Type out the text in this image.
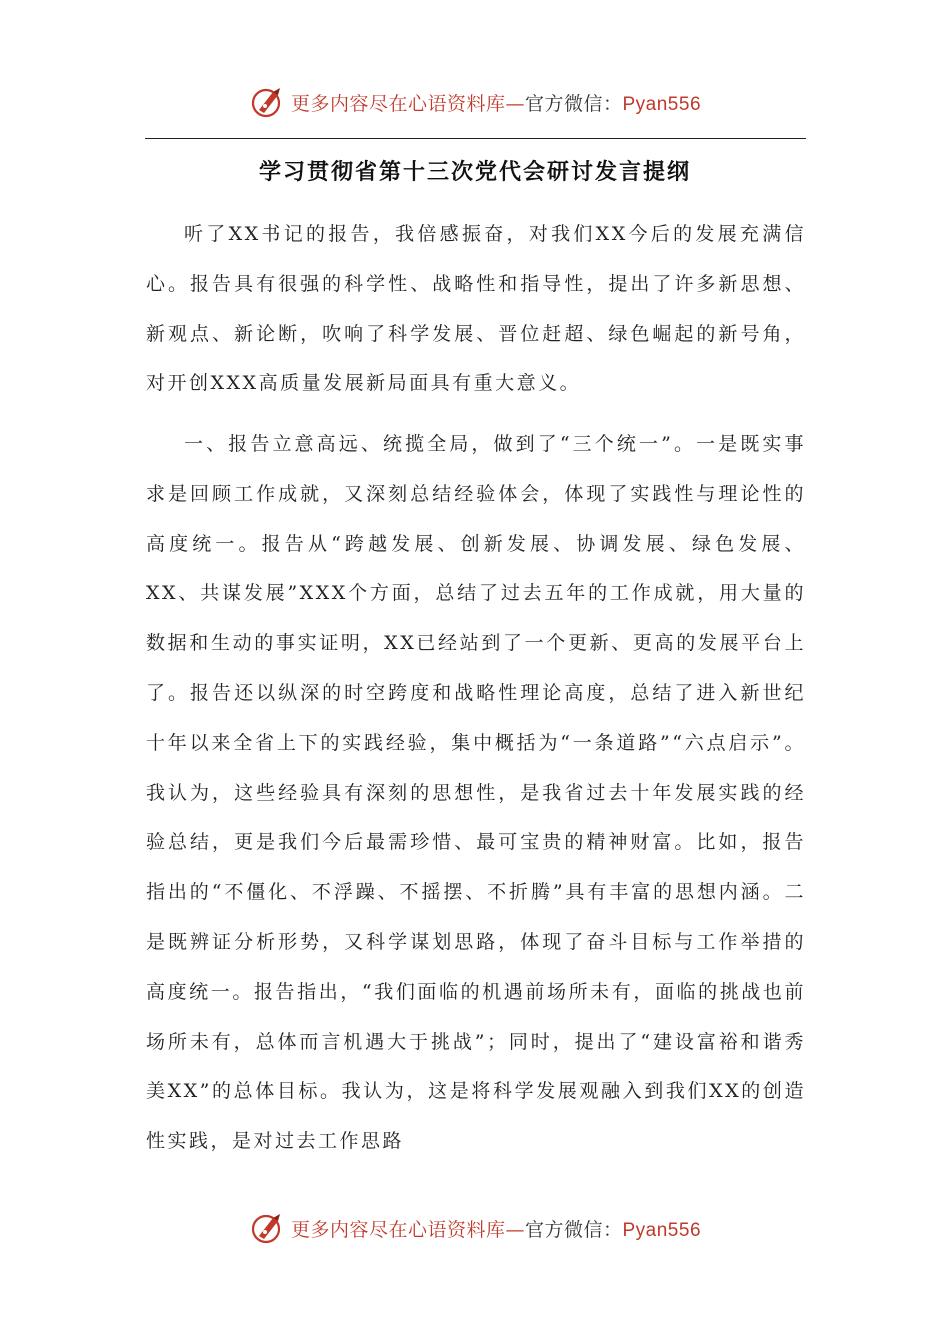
更多内容尽在心语资料库—官方微信：Pyan556
学习贯彻省第十三次党代会研讨发言提纲

听了XX书记的报告，我倍感振奋，对我们XX今后的发展充满信心。报告具有很强的科学性、战略性和指导性，提出了许多新思想、新观点、新论断，吹响了科学发展、晋位赶超、绿色崛起的新号角，对开创XXX高质量发展新局面具有重大意义。

一、报告立意高远、统揽全局，做到了“三个统一”。一是既实事求是回顾工作成就，又深刻总结经验体会，体现了实践性与理论性的高度统一。报告从“跨越发展、创新发展、协调发展、绿色发展、XX、共谋发展”XXX个方面，总结了过去五年的工作成就，用大量的数据和生动的事实证明，XX已经站到了一个更新、更高的发展平台上了。报告还以纵深的时空跨度和战略性理论高度，总结了进入新世纪十年以来全省上下的实践经验，集中概括为“一条道路”“六点启示”。我认为，这些经验具有深刻的思想性，是我省过去十年发展实践的经验总结，更是我们今后最需珍惜、最可宝贵的精神财富。比如，报告指出的“不僵化、不浮躁、不摇摆、不折腾”具有丰富的思想内涵。二是既辨证分析形势，又科学谋划思路，体现了奋斗目标与工作举措的高度统一。报告指出，“我们面临的机遇前场所未有，面临的挑战也前场所未有，总体而言机遇大于挑战”；同时，提出了“建设富裕和谐秀美XX”的总体目标。我认为，这是将科学发展观融入到我们XX的创造性实践，是对过去工作思路

更多内容尽在心语资料库—官方微信：Pyan556
